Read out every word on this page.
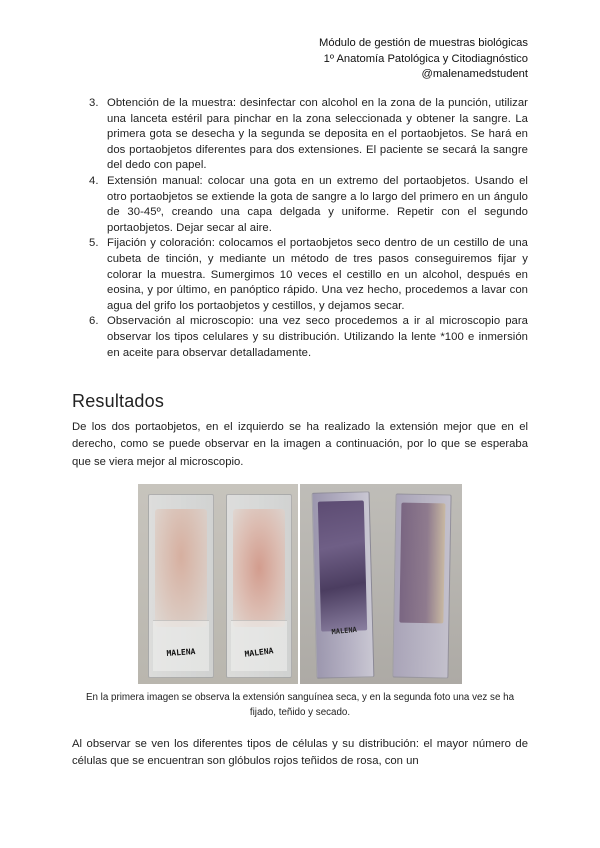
Módulo de gestión de muestras biológicas
1º Anatomía Patológica y Citodiagnóstico
@malenamedstudent
3. Obtención de la muestra: desinfectar con alcohol en la zona de la punción, utilizar una lanceta estéril para pinchar en la zona seleccionada y obtener la sangre. La primera gota se desecha y la segunda se deposita en el portaobjetos. Se hará en dos portaobjetos diferentes para dos extensiones. El paciente se secará la sangre del dedo con papel.
4. Extensión manual: colocar una gota en un extremo del portaobjetos. Usando el otro portaobjetos se extiende la gota de sangre a lo largo del primero en un ángulo de 30-45º, creando una capa delgada y uniforme. Repetir con el segundo portaobjetos. Dejar secar al aire.
5. Fijación y coloración: colocamos el portaobjetos seco dentro de un cestillo de una cubeta de tinción, y mediante un método de tres pasos conseguiremos fijar y colorar la muestra. Sumergimos 10 veces el cestillo en un alcohol, después en eosina, y por último, en panóptico rápido. Una vez hecho, procedemos a lavar con agua del grifo los portaobjetos y cestillos, y dejamos secar.
6. Observación al microscopio: una vez seco procedemos a ir al microscopio para observar los tipos celulares y su distribución. Utilizando la lente *100 e inmersión en aceite para observar detalladamente.
Resultados

De los dos portaobjetos, en el izquierdo se ha realizado la extensión mejor que en el derecho, como se puede observar en la imagen a continuación, por lo que se esperaba que se viera mejor al microscopio.

MALENA	MALENA
MALENA

En la primera imagen se observa la extensión sanguínea seca, y en la segunda foto una vez se ha fijado, teñido y secado.

Al observar se ven los diferentes tipos de células y su distribución: el mayor número de células que se encuentran son glóbulos rojos teñidos de rosa, con un
